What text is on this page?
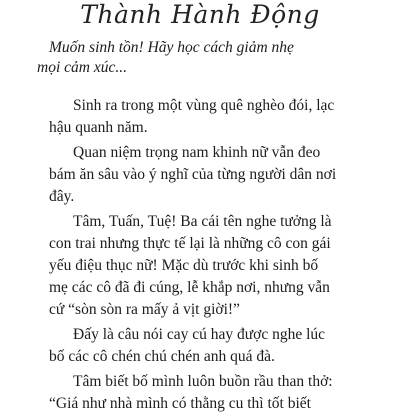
Thành Hành Động
Muốn sinh tồn! Hãy học cách giảm nhẹ
mọi cảm xúc...
Sinh ra trong một vùng quê nghèo đói, lạc
hậu quanh năm.
Quan niệm trọng nam khinh nữ vẫn đeo
bám ăn sâu vào ý nghĩ của từng người dân nơi
đây.
Tâm, Tuấn, Tuệ! Ba cái tên nghe tưởng là
con trai nhưng thực tế lại là những cô con gái
yếu điệu thục nữ! Mặc dù trước khi sinh bố
mẹ các cô đã đi cúng, lễ khắp nơi, nhưng vẫn
cứ “sòn sòn ra mấy ả vịt giời!”
Đấy là câu nói cay cú hay được nghe lúc
bố các cô chén chú chén anh quá đà.
Tâm biết bố mình luôn buồn rầu than thở:
“Giá như nhà mình có thằng cu thì tốt biết
